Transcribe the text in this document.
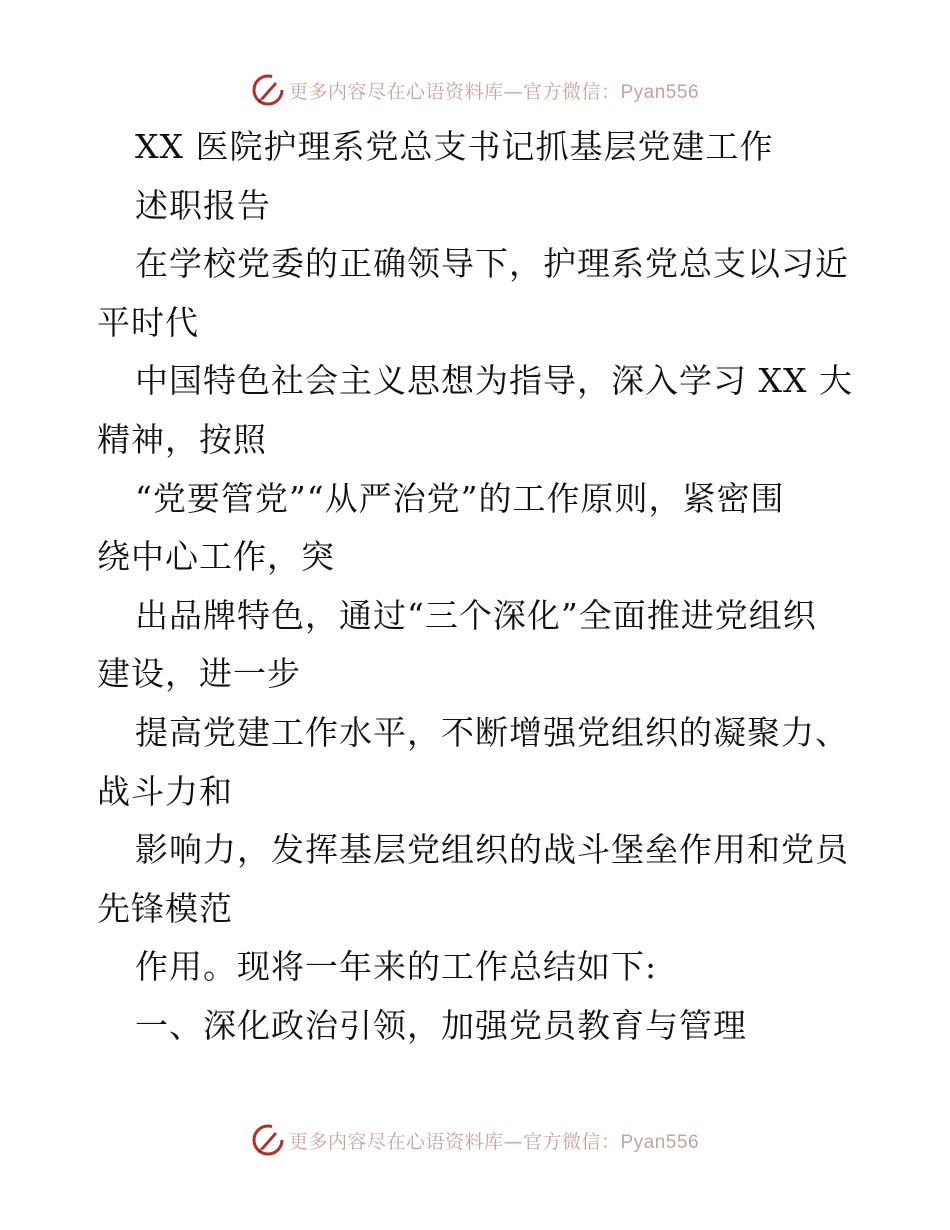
更多内容尽在心语资料库—官方微信：Pyan556
XX 医院护理系党总支书记抓基层党建工作
述职报告
在学校党委的正确领导下，护理系党总支以习近
平时代
中国特色社会主义思想为指导，深入学习 XX 大
精神，按照
“党要管党”“从严治党”的工作原则，紧密围
绕中心工作，突
出品牌特色，通过“三个深化”全面推进党组织
建设，进一步
提高党建工作水平，不断增强党组织的凝聚力、
战斗力和
影响力，发挥基层党组织的战斗堡垒作用和党员
先锋模范
作用。现将一年来的工作总结如下:
一、深化政治引领，加强党员教育与管理
更多内容尽在心语资料库—官方微信：Pyan556
